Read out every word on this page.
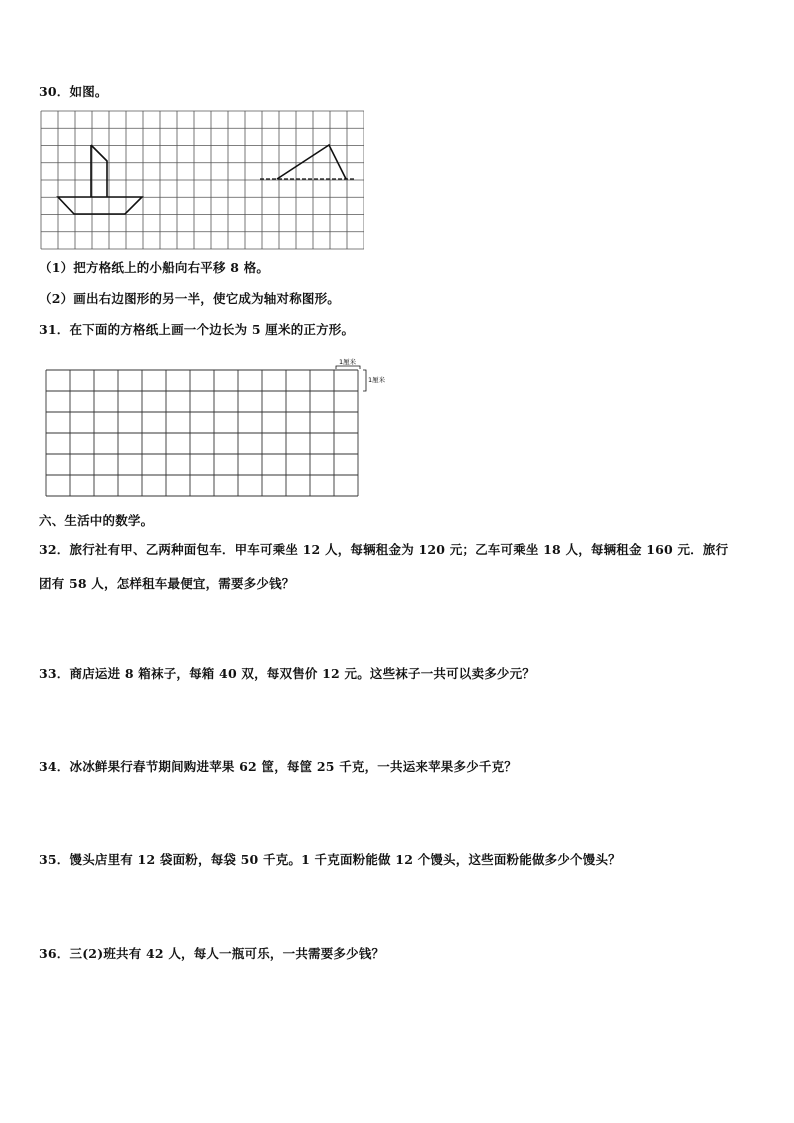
30．如图。
（1）把方格纸上的小船向右平移 8 格。
（2）画出右边图形的另一半，使它成为轴对称图形。
31．在下面的方格纸上画一个边长为 5 厘米的正方形。
1厘米
1厘米
六、生活中的数学。
32．旅行社有甲、乙两种面包车．甲车可乘坐 12 人，每辆租金为 120 元；乙车可乘坐 18 人，每辆租金 160 元．旅行
团有 58 人，怎样租车最便宜，需要多少钱？
33．商店运进 8 箱袜子，每箱 40 双，每双售价 12 元。这些袜子一共可以卖多少元？
34．冰冰鲜果行春节期间购进苹果 62 筐，每筐 25 千克，一共运来苹果多少千克？
35．馒头店里有 12 袋面粉，每袋 50 千克。1 千克面粉能做 12 个馒头，这些面粉能做多少个馒头？
36．三(2)班共有 42 人，每人一瓶可乐，一共需要多少钱？
